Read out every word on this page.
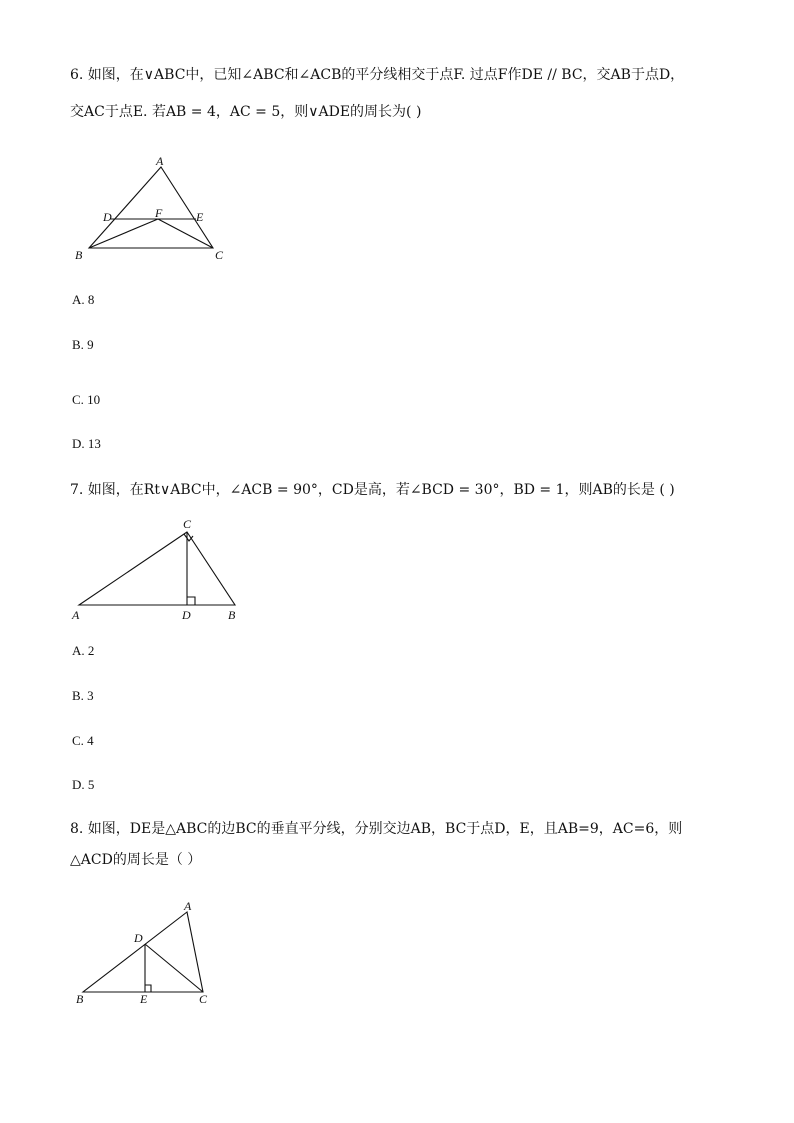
6. 如图，在∨ABC中，已知∠ABC和∠ACB的平分线相交于点F. 过点F作DE // BC，交AB于点D，
交AC于点E. 若AB = 4，AC = 5，则∨ADE的周长为( )
A
B	C
D	E
F
A. 8
B. 9
C. 10
D. 13
7. 如图，在Rt∨ABC中，∠ACB = 90°，CD是高，若∠BCD = 30°，BD = 1，则AB的长是 ( )
C
A	D	B
A. 2
B. 3
C. 4
D. 5
8. 如图，DE是△ABC的边BC的垂直平分线，分别交边AB，BC于点D，E，且AB=9，AC=6，则
△ACD的周长是（ ）
A
D
B	E	C
